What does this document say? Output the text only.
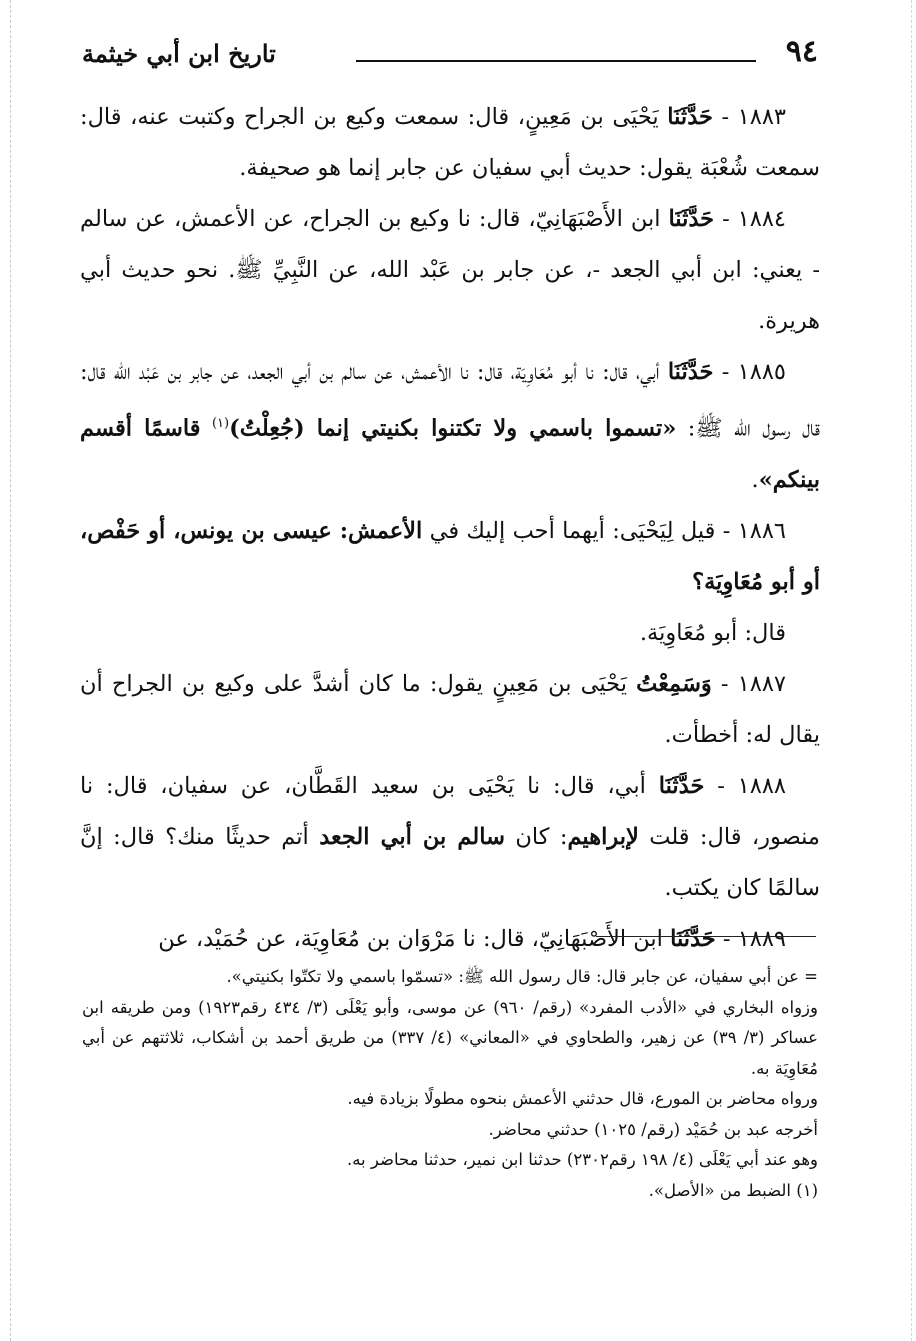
٩٤
تاريخ ابن أبي خيثمة

١٨٨٣ - حَدَّثَنَا يَحْيَى بن مَعِينٍ، قال: سمعت وكيع بن الجراح وكتبت عنه، قال: سمعت شُعْبَة يقول: حديث أبي سفيان عن جابر إنما هو صحيفة.

١٨٨٤ - حَدَّثَنَا ابن الأَصْبَهَانِيّ، قال: نا وكيع بن الجراح، عن الأعمش، عن سالم - يعني: ابن أبي الجعد -، عن جابر بن عَبْد الله، عن النَّبِيِّ ﷺ. نحو حديث أبي هريرة.

١٨٨٥ - حَدَّثَنَا أبي، قال: نا أبو مُعَاوِيَة، قال: نا الأعمش، عن سالم بن أبي الجعد، عن جابر بن عَبْد الله قال: قال رسول الله ﷺ: «تسموا باسمي ولا تكتنوا بكنيتي إنما (جُعِلْتُ)$^{(١)}$ قاسمًا أقسم بينكم».

١٨٨٦ - قيل لِيَحْيَى: أيهما أحب إليك في الأعمش: عيسى بن يونس، أو حَفْص، أو أبو مُعَاوِيَة؟

قال: أبو مُعَاوِيَة.

١٨٨٧ - وَسَمِعْتُ يَحْيَى بن مَعِينٍ يقول: ما كان أشدَّ على وكيع بن الجراح أن يقال له: أخطأت.

١٨٨٨ - حَدَّثَنَا أبي، قال: نا يَحْيَى بن سعيد القَطَّان، عن سفيان، قال: نا منصور، قال: قلت لإبراهيم: كان سالم بن أبي الجعد أتم حديثًا منك؟ قال: إنَّ سالمًا كان يكتب.

١٨٨٩ - حَدَّثَنَا ابن الأَصْبَهَانِيّ، قال: نا مَرْوَان بن مُعَاوِيَة، عن حُمَيْد، عن

= عن أبي سفيان، عن جابر قال: قال رسول الله ﷺ: «تسمّوا باسمي ولا تكتّوا بكنيتي».

وزواه البخاري في «الأدب المفرد» (رقم/ ٩٦٠) عن موسى، وأبو يَعْلَى (٣/ ٤٣٤ رقم١٩٢٣) ومن طريقه ابن عساكر (٣/ ٣٩) عن زهير، والطحاوي في «المعاني» (٤/ ٣٣٧) من طريق أحمد بن أشكاب، ثلاثتهم عن أبي مُعَاوِيَة به.

ورواه محاضر بن المورع، قال حدثني الأعمش بنحوه مطولًا بزيادة فيه.

أخرجه عبد بن حُمَيْد (رقم/ ١٠٢٥) حدثني محاضر.

وهو عند أبي يَعْلَى (٤/ ١٩٨ رقم٢٣٠٢) حدثنا ابن نمير، حدثنا محاضر به.

(١) الضبط من «الأصل».
